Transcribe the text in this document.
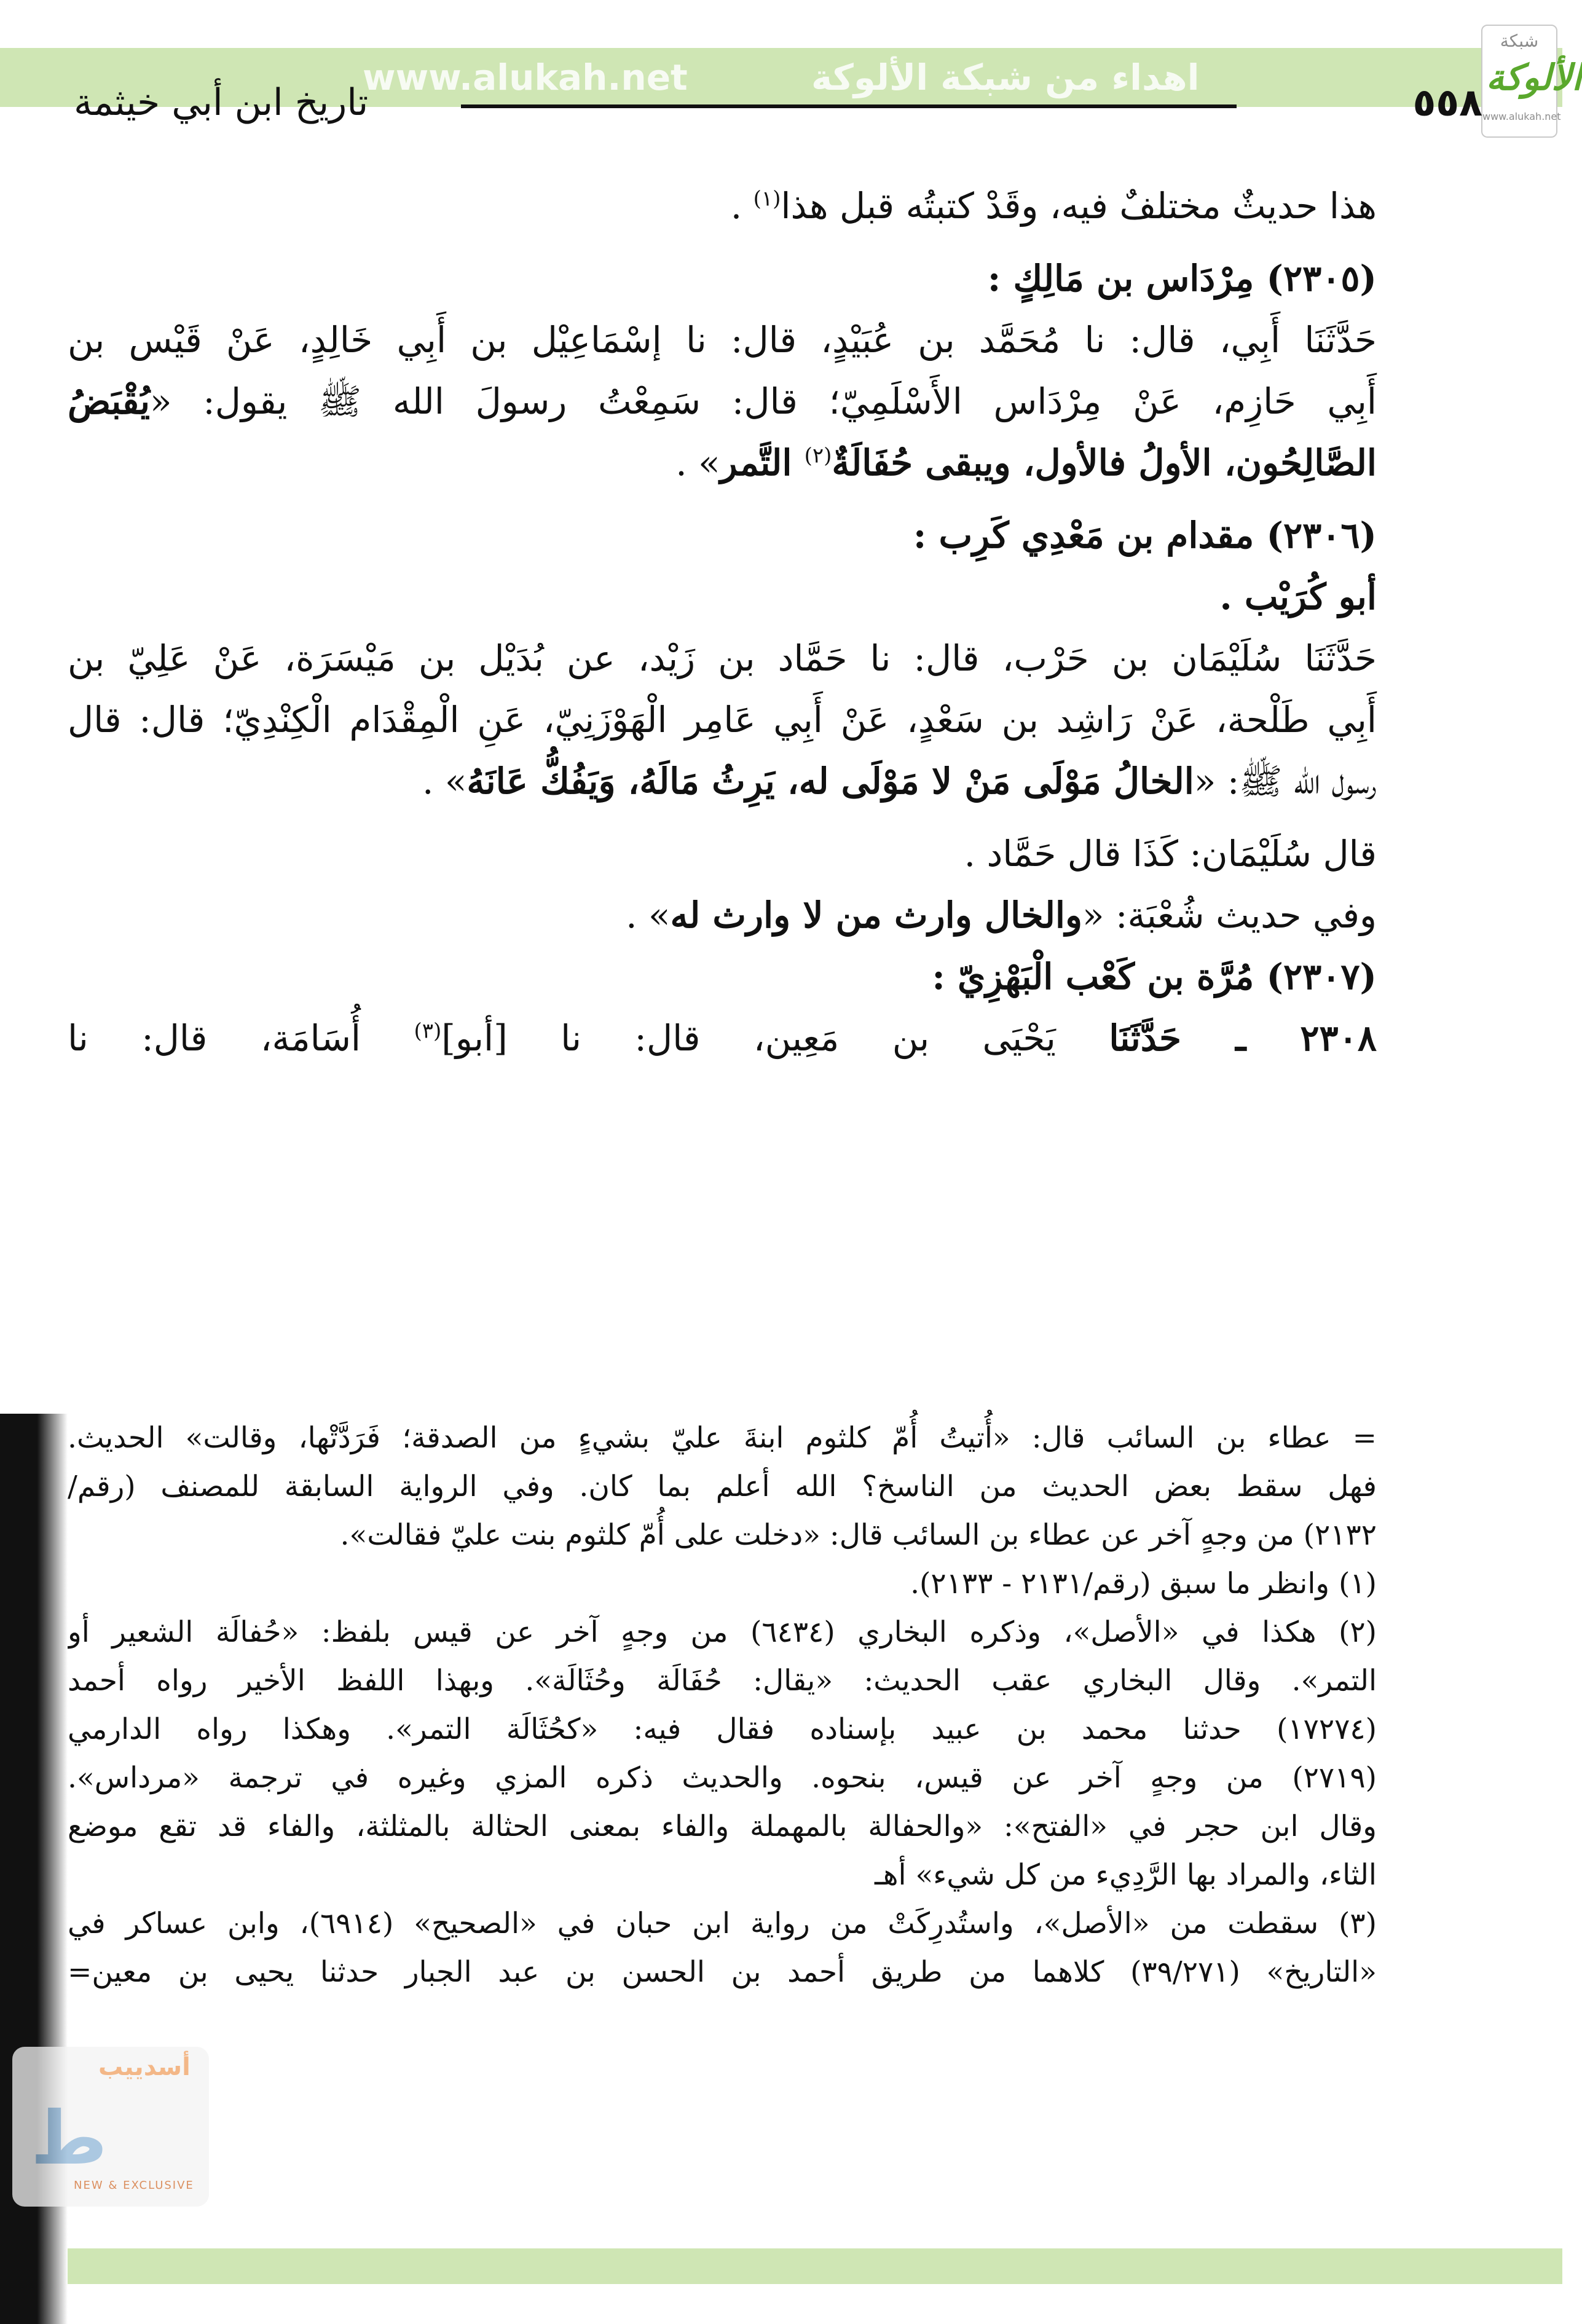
www.alukah.net	اهداء من شبكة الألوكة
شبكة
الألوكة
www.alukah.net
تاريخ ابن أبي خيثمة	٥٥٨
هذا حديثٌ مختلفٌ فيه، وقَدْ كتبتُه قبل هذا$^{(١)}$ .
(٢٣٠٥) مِرْدَاس بن مَالِكٍ :
حَدَّثَنَا أَبِي، قال: نا مُحَمَّد بن عُبَيْدٍ، قال: نا إسْمَاعِيْل بن أَبِي خَالِدٍ، عَنْ قَيْس بن
أَبِي حَازِم، عَنْ مِرْدَاس الأَسْلَمِيّ؛ قال: سَمِعْتُ رسولَ الله ﷺ يقول: «يُقْبَضُ
الصَّالِحُون، الأولُ فالأول، ويبقى حُفَالَةٌ$^{(٢)}$ التَّمر» .
(٢٣٠٦) مقدام بن مَعْدِي كَرِب :
أبو كُرَيْب .
حَدَّثَنَا سُلَيْمَان بن حَرْب، قال: نا حَمَّاد بن زَيْد، عن بُدَيْل بن مَيْسَرَة، عَنْ عَلِيّ بن
أَبِي طَلْحة، عَنْ رَاشِد بن سَعْدٍ، عَنْ أَبِي عَامِر الْهَوْزَنِيّ، عَنِ الْمِقْدَام الْكِنْدِيّ؛ قال: قال
رسول الله ﷺ: «الخالُ مَوْلَى مَنْ لا مَوْلَى له، يَرِثُ مَالَهُ، وَيَفُكُّ عَانَهُ» .
قال سُلَيْمَان: كَذَا قال حَمَّاد .
وفي حديث شُعْبَة: «والخال وارث من لا وارث له» .
(٢٣٠٧) مُرَّة بن كَعْب الْبَهْزِيّ :
٢٣٠٨ ـ حَدَّثَنَا يَحْيَى بن مَعِين، قال: نا [أبو]$^{(٣)}$ أُسَامَة، قال: نا
= عطاء بن السائب قال: «أُتيتُ أُمّ كلثوم ابنةَ عليّ بشيءٍ من الصدقة؛ فَرَدَّتْها، وقالت» الحديث.
فهل سقط بعض الحديث من الناسخ؟ الله أعلم بما كان. وفي الرواية السابقة للمصنف (رقم/
٢١٣٢) من وجهٍ آخر عن عطاء بن السائب قال: «دخلت على أُمّ كلثوم بنت عليّ فقالت».
(١) وانظر ما سبق (رقم/٢١٣١ - ٢١٣٣).
(٢) هكذا في «الأصل»، وذكره البخاري (٦٤٣٤) من وجهٍ آخر عن قيس بلفظ: «حُفالَة الشعير أو
التمر». وقال البخاري عقب الحديث: «يقال: حُفَالَة وحُثَالَة». وبهذا اللفظ الأخير رواه أحمد
(١٧٢٧٤) حدثنا محمد بن عبيد بإسناده فقال فيه: «كحُثَالَة التمر». وهكذا رواه الدارمي
(٢٧١٩) من وجهٍ آخر عن قيس، بنحوه. والحديث ذكره المزي وغيره في ترجمة «مرداس».
وقال ابن حجر في «الفتح»: «والحفالة بالمهملة والفاء بمعنى الحثالة بالمثلثة، والفاء قد تقع موضع
الثاء، والمراد بها الرَّدِيء من كل شيء» أهـ
(٣) سقطت من «الأصل»، واستُدرِكَتْ من رواية ابن حبان في «الصحيح» (٦٩١٤)، وابن عساكر في
«التاريخ» (٣٩/٢٧١) كلاهما من طريق أحمد بن الحسن بن عبد الجبار حدثنا يحيى بن معين=
أسدييب
ط
NEW & EXCLUSIVE
